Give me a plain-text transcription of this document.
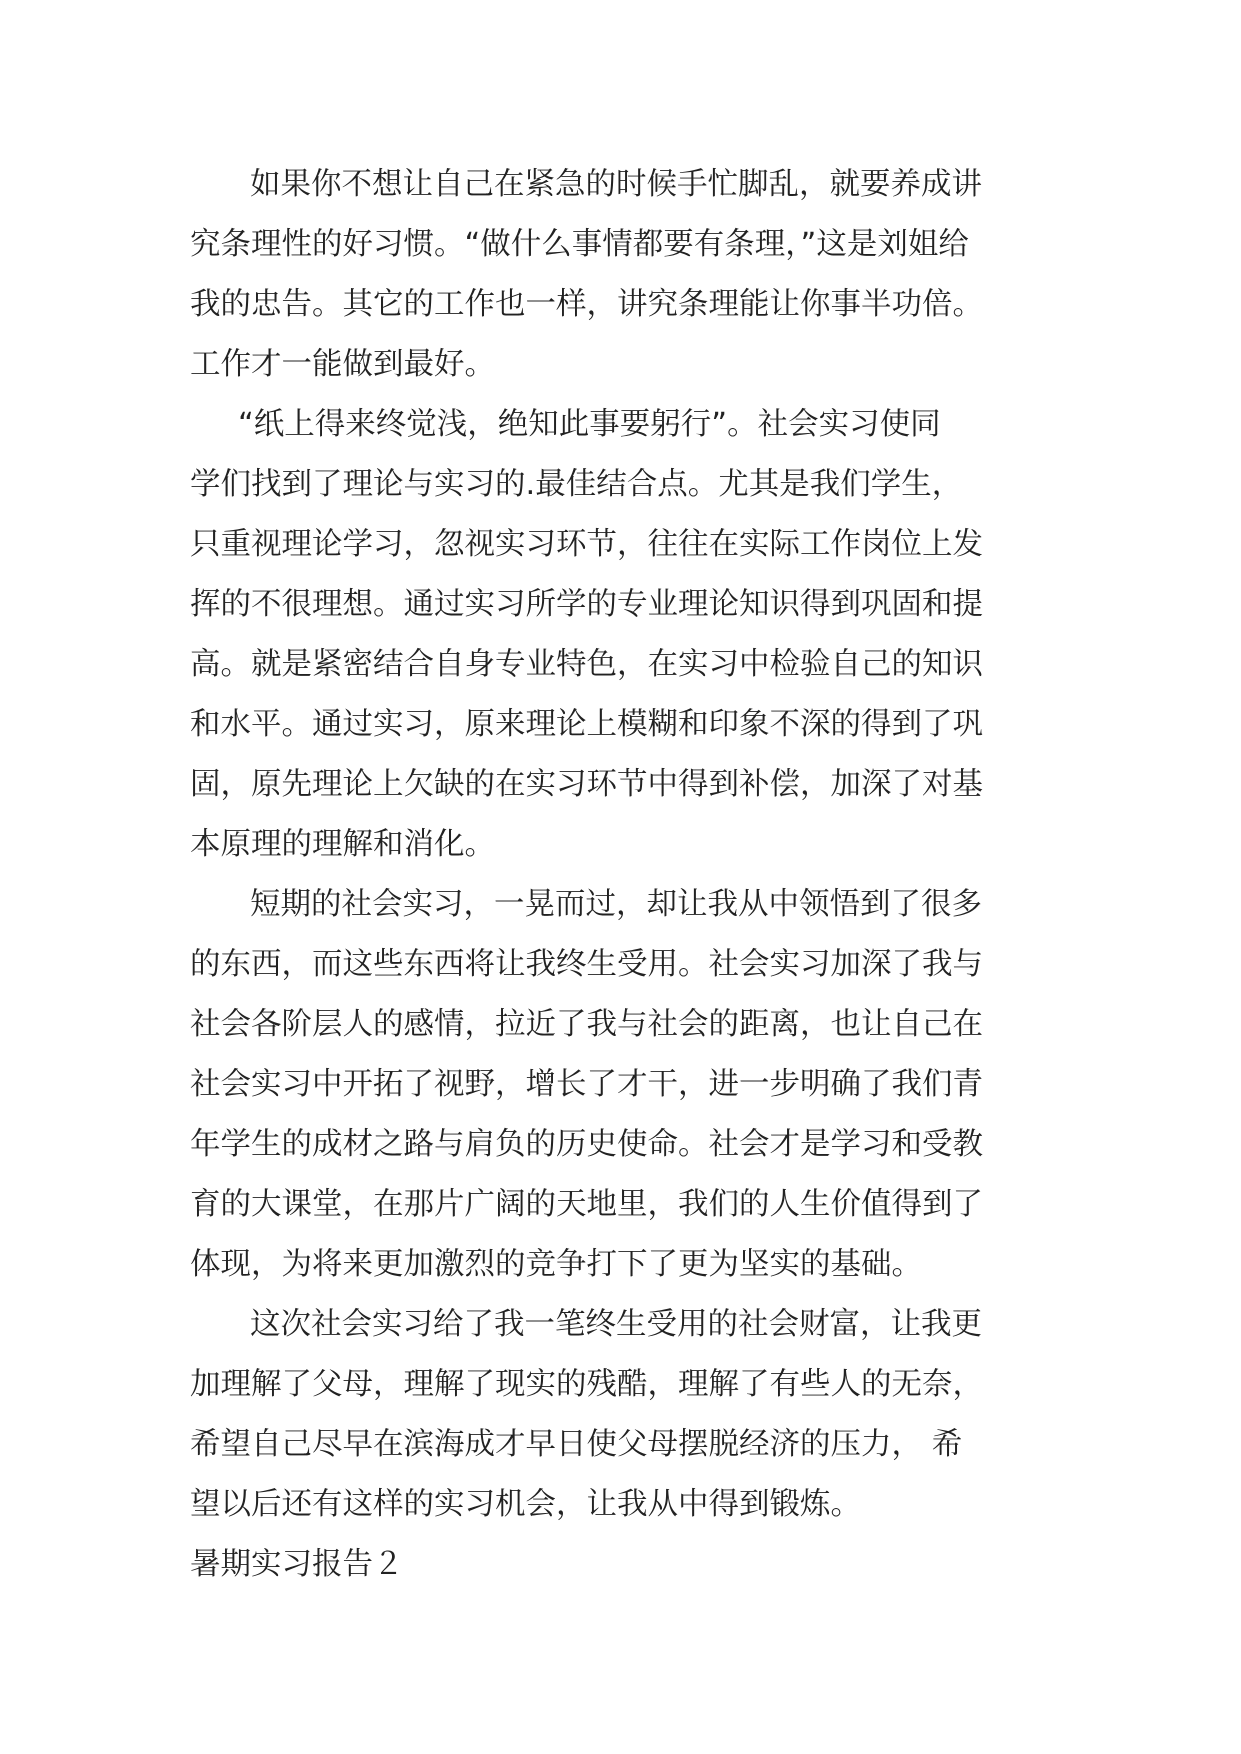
如果你不想让自己在紧急的时候手忙脚乱，就要养成讲
究条理性的好习惯。“做什么事情都要有条理，”这是刘姐给
我的忠告。其它的工作也一样，讲究条理能让你事半功倍。
工作才一能做到最好。
“纸上得来终觉浅，绝知此事要躬行”。社会实习使同
学们找到了理论与实习的.最佳结合点。尤其是我们学生，
只重视理论学习，忽视实习环节，往往在实际工作岗位上发
挥的不很理想。通过实习所学的专业理论知识得到巩固和提
高。就是紧密结合自身专业特色，在实习中检验自己的知识
和水平。通过实习，原来理论上模糊和印象不深的得到了巩
固，原先理论上欠缺的在实习环节中得到补偿，加深了对基
本原理的理解和消化。
短期的社会实习，一晃而过，却让我从中领悟到了很多
的东西，而这些东西将让我终生受用。社会实习加深了我与
社会各阶层人的感情，拉近了我与社会的距离，也让自己在
社会实习中开拓了视野，增长了才干，进一步明确了我们青
年学生的成材之路与肩负的历史使命。社会才是学习和受教
育的大课堂，在那片广阔的天地里，我们的人生价值得到了
体现，为将来更加激烈的竞争打下了更为坚实的基础。
这次社会实习给了我一笔终生受用的社会财富，让我更
加理解了父母，理解了现实的残酷，理解了有些人的无奈，
希望自己尽早在滨海成才早日使父母摆脱经济的压力， 希
望以后还有这样的实习机会，让我从中得到锻炼。
暑期实习报告２
